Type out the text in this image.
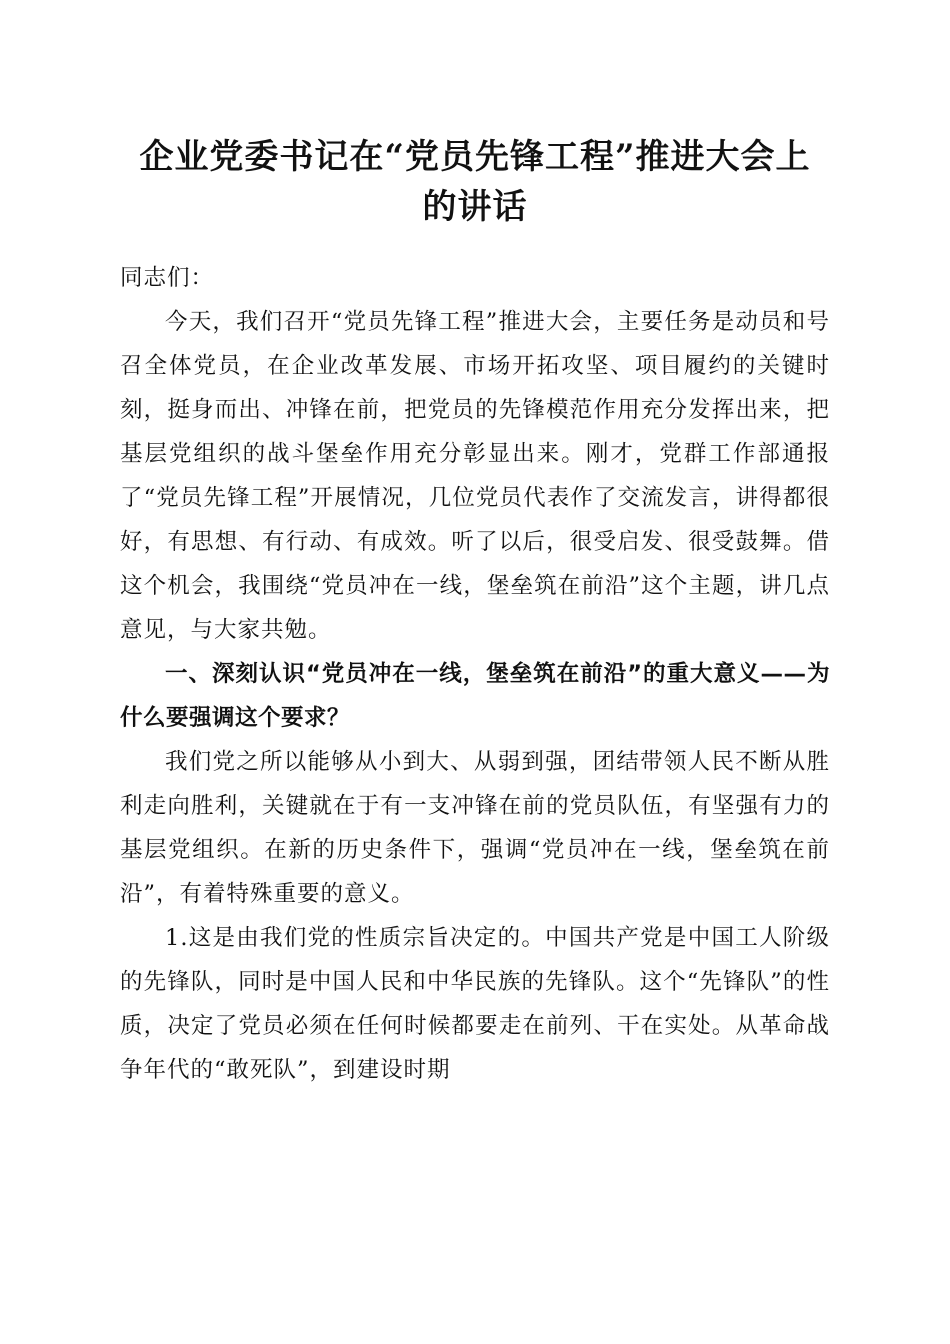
企业党委书记在“党员先锋工程”推进大会上
的讲话

同志们：

今天，我们召开“党员先锋工程”推进大会，主要任务是动员和号召全体党员，在企业改革发展、市场开拓攻坚、项目履约的关键时刻，挺身而出、冲锋在前，把党员的先锋模范作用充分发挥出来，把基层党组织的战斗堡垒作用充分彰显出来。刚才，党群工作部通报了“党员先锋工程”开展情况，几位党员代表作了交流发言，讲得都很好，有思想、有行动、有成效。听了以后，很受启发、很受鼓舞。借这个机会，我围绕“党员冲在一线，堡垒筑在前沿”这个主题，讲几点意见，与大家共勉。

一、深刻认识“党员冲在一线，堡垒筑在前沿”的重大意义——为什么要强调这个要求？

我们党之所以能够从小到大、从弱到强，团结带领人民不断从胜利走向胜利，关键就在于有一支冲锋在前的党员队伍，有坚强有力的基层党组织。在新的历史条件下，强调“党员冲在一线，堡垒筑在前沿”，有着特殊重要的意义。

1.这是由我们党的性质宗旨决定的。中国共产党是中国工人阶级的先锋队，同时是中国人民和中华民族的先锋队。这个“先锋队”的性质，决定了党员必须在任何时候都要走在前列、干在实处。从革命战争年代的“敢死队”，到建设时期
